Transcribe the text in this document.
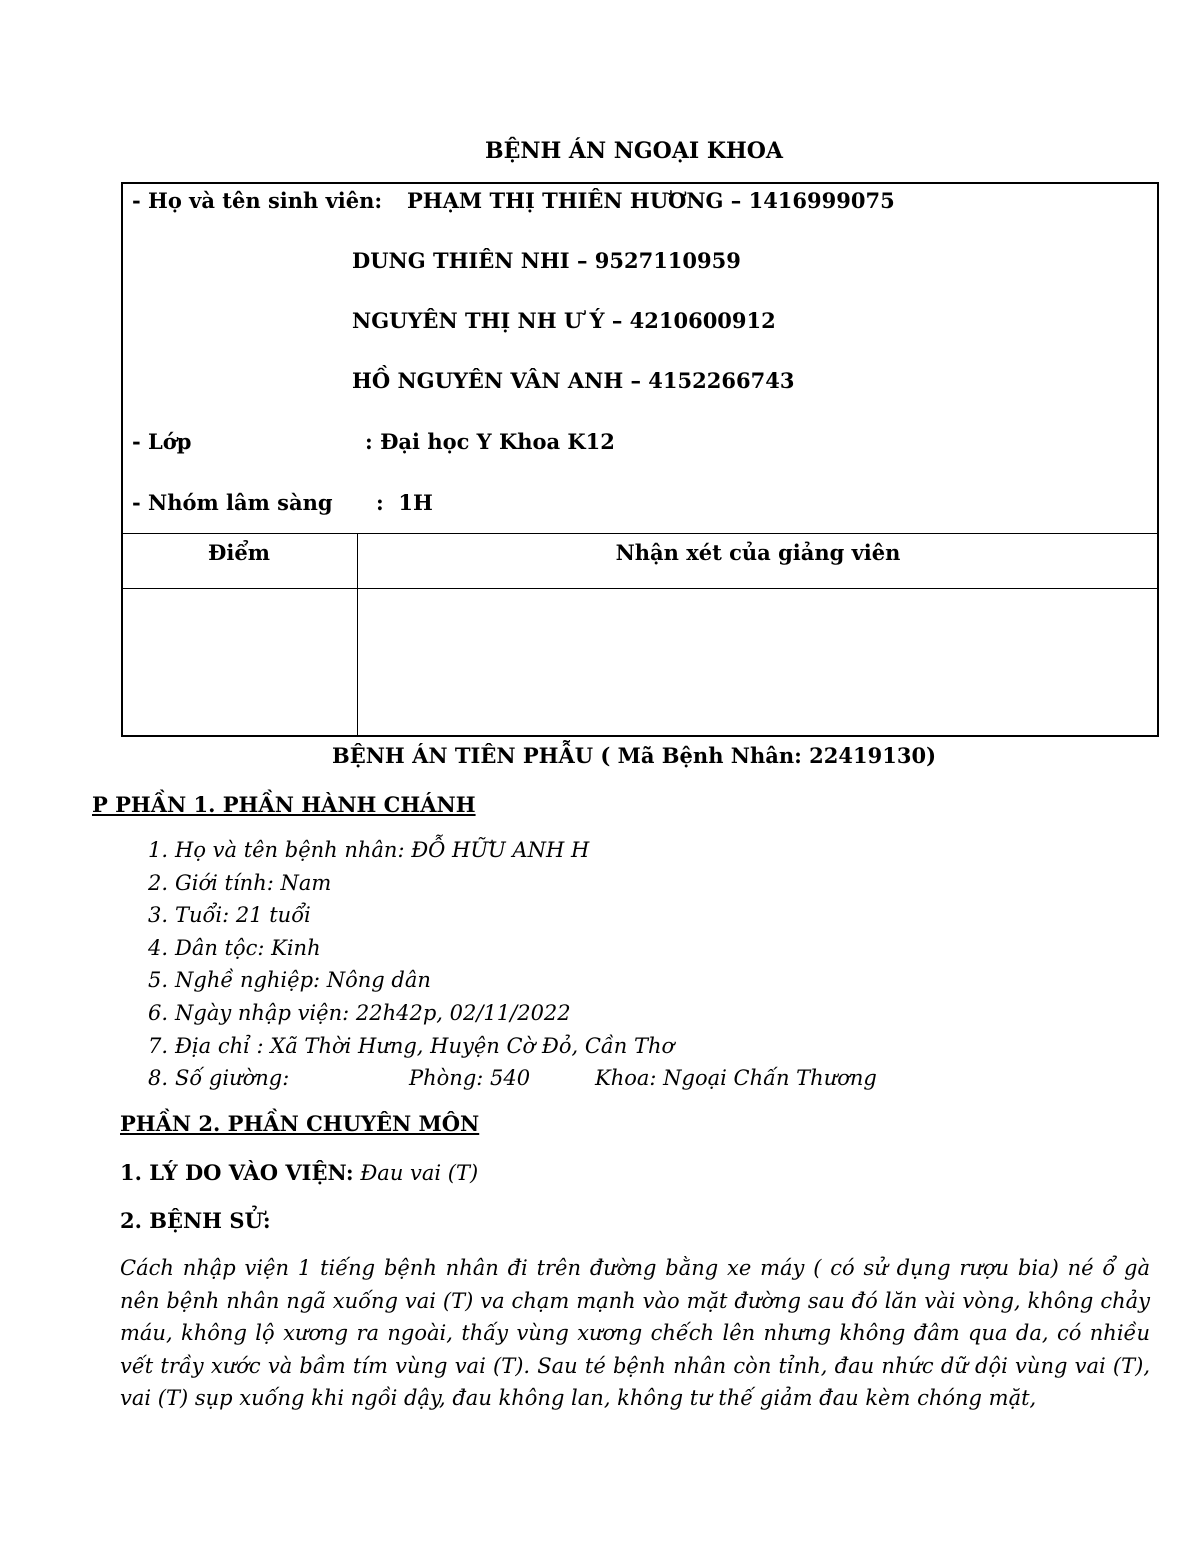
BỆNH ÁN NGOẠI KHOA
- Họ và tên sinh viên: PHẠM THỊ THIÊN HƯƠNG – 1416999075
DUNG THIÊN NHI – 9527110959
NGUYÊN THỊ NH Ư Ý – 4210600912
HỒ NGUYÊN VÂN ANH – 4152266743
- Lớp	: Đại học Y Khoa K12
- Nhóm lâm sàng :  1H
Điểm	Nhận xét của giảng viên
BỆNH ÁN TIÊN PHẪU ( Mã Bệnh Nhân: 22419130)
P PHẦN 1. PHẦN HÀNH CHÁNH
1. Họ và tên bệnh nhân: ĐỖ HỮU ANH H
2. Giới tính: Nam
3. Tuổi: 21 tuổi
4. Dân tộc: Kinh
5. Nghề nghiệp: Nông dân
6. Ngày nhập viện: 22h42p, 02/11/2022
7. Địa chỉ : Xã Thời Hưng, Huyện Cờ Đỏ, Cần Thơ
8. Số giường:	Phòng: 540	Khoa: Ngoại Chấn Thương
PHẦN 2. PHẦN CHUYÊN MÔN
1. LÝ DO VÀO VIỆN: Đau vai (T)
2. BỆNH SỬ:
Cách nhập viện 1 tiếng bệnh nhân đi trên đường bằng xe máy ( có sử dụng rượu bia) né ổ gà nên bệnh nhân ngã xuống vai (T) va chạm mạnh vào mặt đường sau đó lăn vài vòng, không chảy máu, không lộ xương ra ngoài, thấy vùng xương chếch lên nhưng không đâm qua da, có nhiều vết trầy xước và bầm tím vùng vai (T). Sau té bệnh nhân còn tỉnh, đau nhức dữ dội vùng vai (T), vai (T) sụp xuống khi ngồi dậy, đau không lan, không tư thế giảm đau kèm chóng mặt,
